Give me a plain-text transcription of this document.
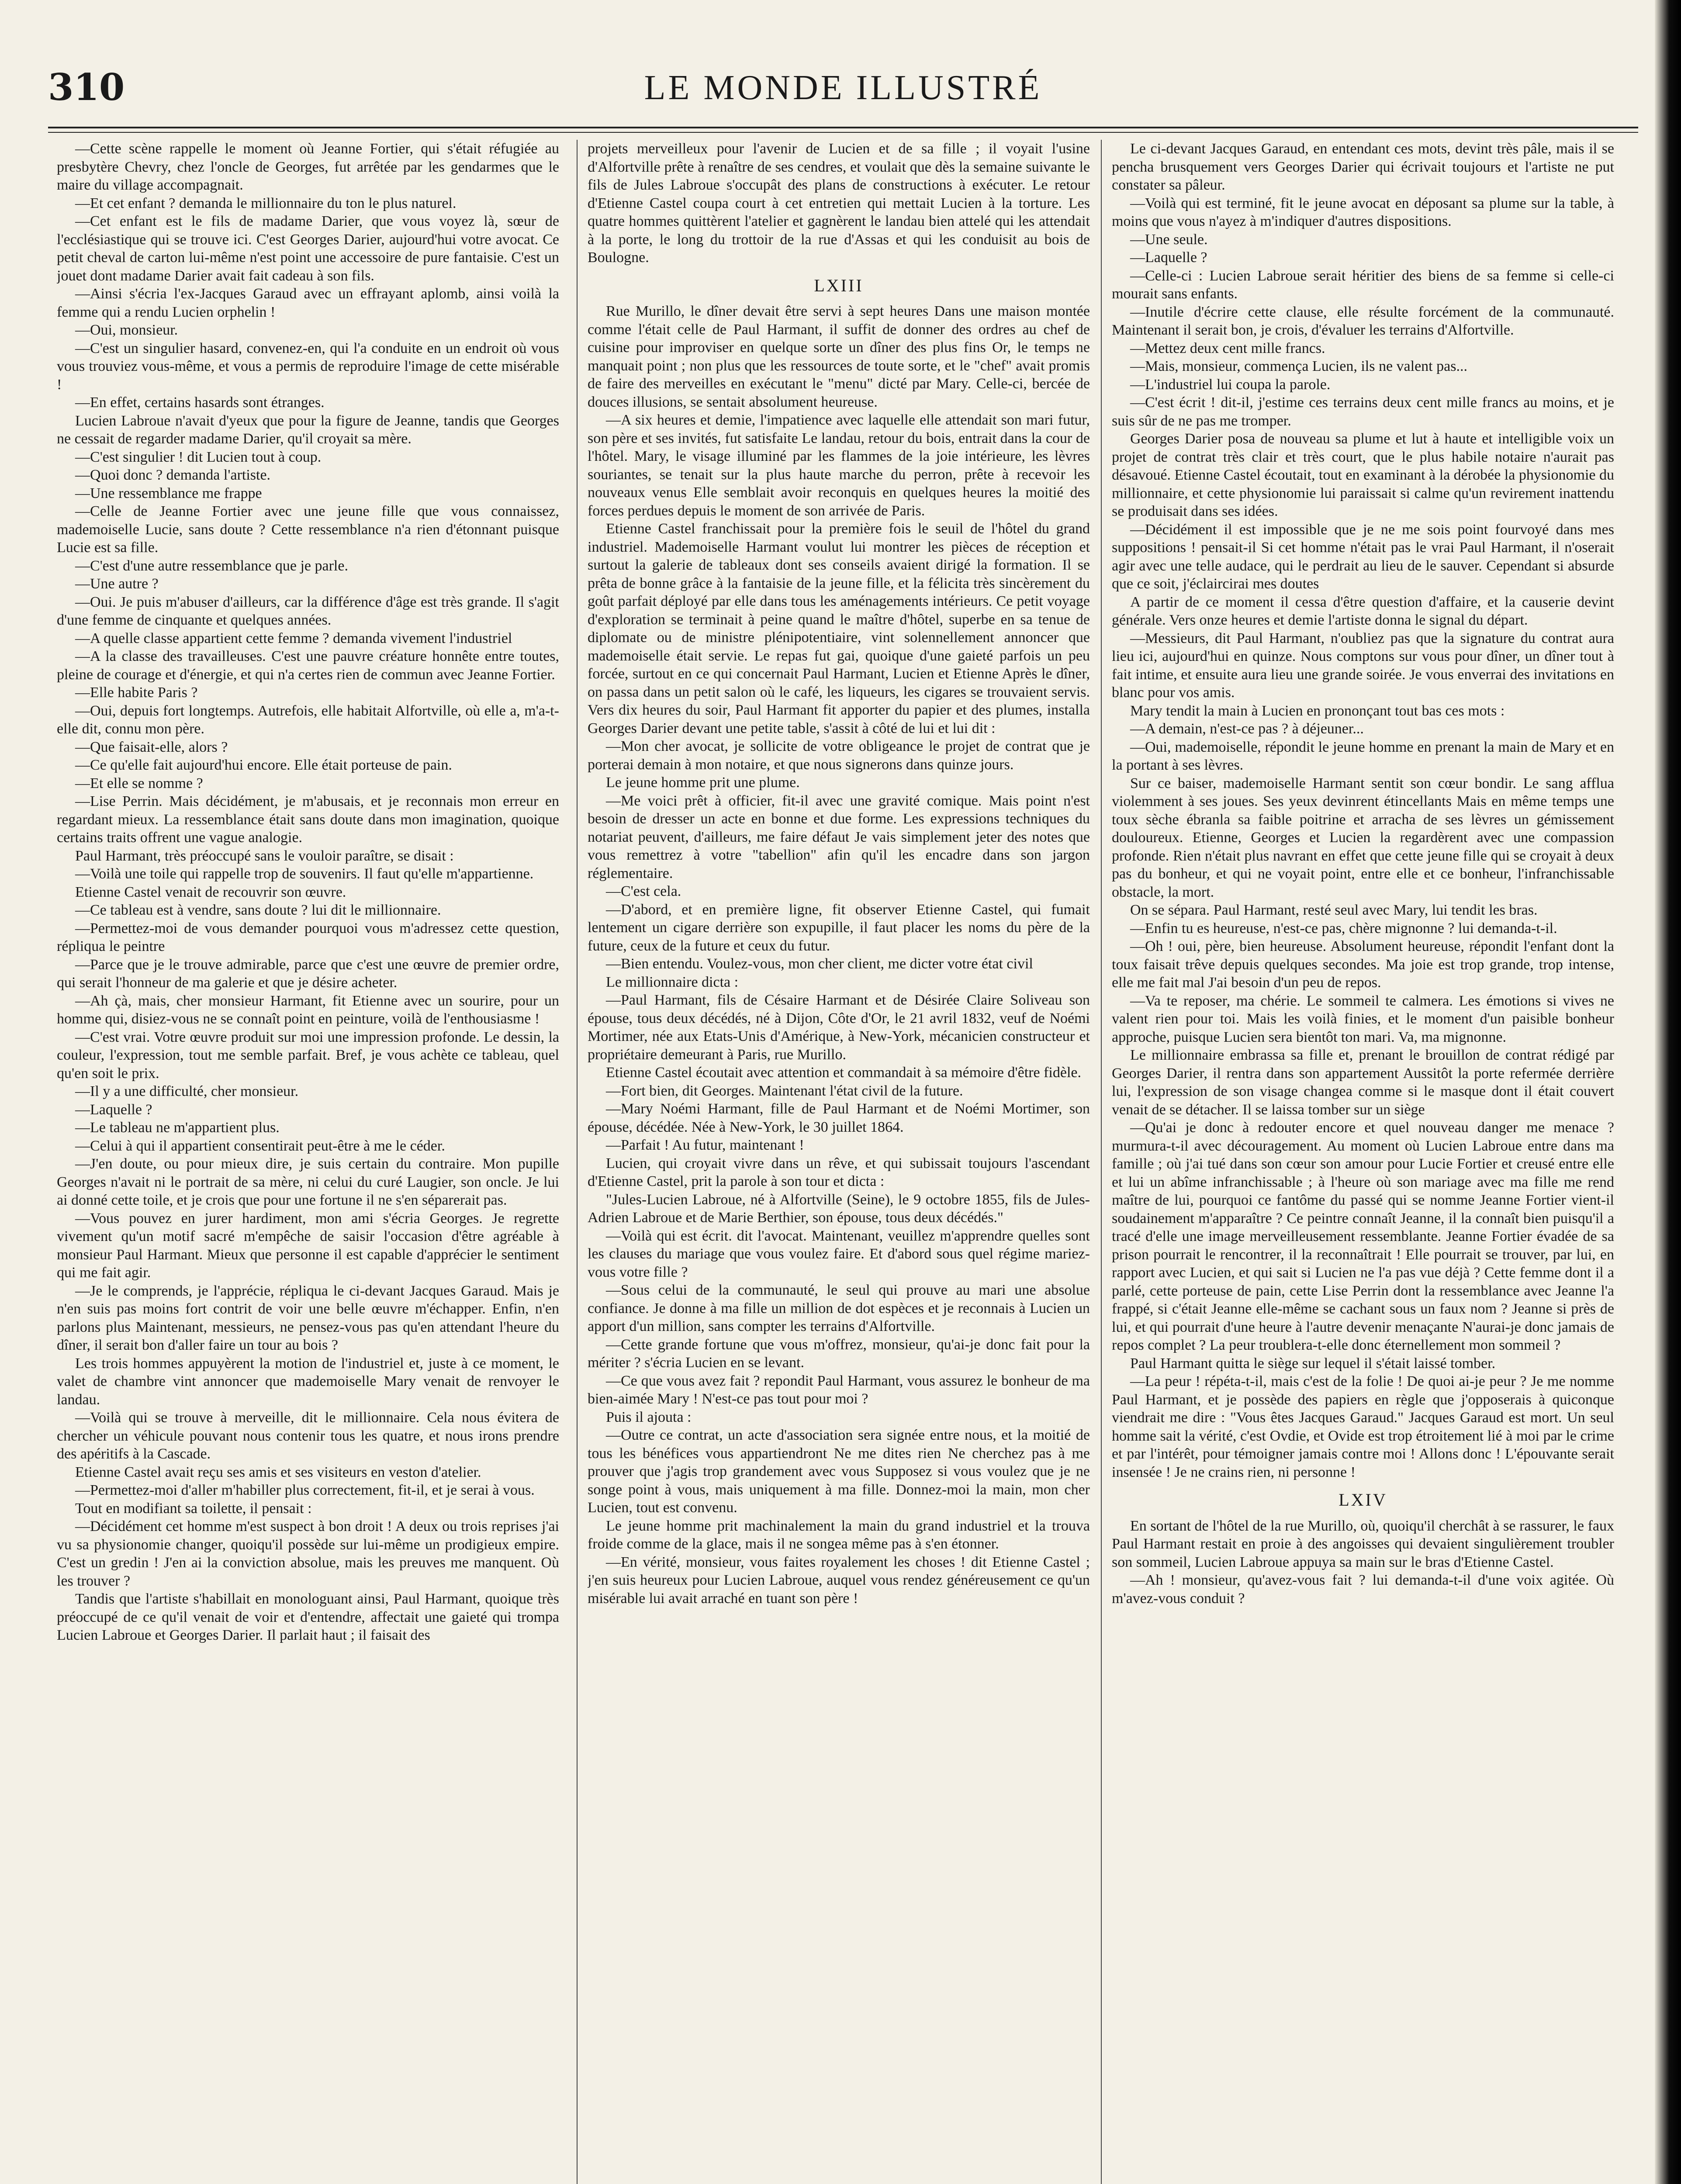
310	LE MONDE ILLUSTRÉ

—Cette scène rappelle le moment où Jeanne Fortier, qui s'était réfugiée au presbytère Chevry, chez l'oncle de Georges, fut arrêtée par les gendarmes que le maire du village accompagnait.

—Et cet enfant ? demanda le millionnaire du ton le plus naturel.

—Cet enfant est le fils de madame Darier, que vous voyez là, sœur de l'ecclésiastique qui se trouve ici. C'est Georges Darier, aujourd'hui votre avocat. Ce petit cheval de carton lui-même n'est point une accessoire de pure fantaisie. C'est un jouet dont madame Darier avait fait cadeau à son fils.

—Ainsi s'écria l'ex-Jacques Garaud avec un effrayant aplomb, ainsi voilà la femme qui a rendu Lucien orphelin !

—Oui, monsieur.

—C'est un singulier hasard, convenez-en, qui l'a conduite en un endroit où vous vous trouviez vous-même, et vous a permis de reproduire l'image de cette misérable !

—En effet, certains hasards sont étranges.

Lucien Labroue n'avait d'yeux que pour la figure de Jeanne, tandis que Georges ne cessait de regarder madame Darier, qu'il croyait sa mère.

—C'est singulier ! dit Lucien tout à coup.

—Quoi donc ? demanda l'artiste.

—Une ressemblance me frappe

—Celle de Jeanne Fortier avec une jeune fille que vous connaissez, mademoiselle Lucie, sans doute ? Cette ressemblance n'a rien d'étonnant puisque Lucie est sa fille.

—C'est d'une autre ressemblance que je parle.

—Une autre ?

—Oui. Je puis m'abuser d'ailleurs, car la différence d'âge est très grande. Il s'agit d'une femme de cinquante et quelques années.

—A quelle classe appartient cette femme ? demanda vivement l'industriel

—A la classe des travailleuses. C'est une pauvre créature honnête entre toutes, pleine de courage et d'énergie, et qui n'a certes rien de commun avec Jeanne Fortier.

—Elle habite Paris ?

—Oui, depuis fort longtemps. Autrefois, elle habitait Alfortville, où elle a, m'a-t-elle dit, connu mon père.

—Que faisait-elle, alors ?

—Ce qu'elle fait aujourd'hui encore. Elle était porteuse de pain.

—Et elle se nomme ?

—Lise Perrin. Mais décidément, je m'abusais, et je reconnais mon erreur en regardant mieux. La ressemblance était sans doute dans mon imagination, quoique certains traits offrent une vague analogie.

Paul Harmant, très préoccupé sans le vouloir paraître, se disait :

—Voilà une toile qui rappelle trop de souvenirs. Il faut qu'elle m'appartienne.

Etienne Castel venait de recouvrir son œuvre.

—Ce tableau est à vendre, sans doute ? lui dit le millionnaire.

—Permettez-moi de vous demander pourquoi vous m'adressez cette question, répliqua le peintre

—Parce que je le trouve admirable, parce que c'est une œuvre de premier ordre, qui serait l'honneur de ma galerie et que je désire acheter.

—Ah çà, mais, cher monsieur Harmant, fit Etienne avec un sourire, pour un homme qui, disiez-vous ne se connaît point en peinture, voilà de l'enthousiasme !

—C'est vrai. Votre œuvre produit sur moi une impression profonde. Le dessin, la couleur, l'expression, tout me semble parfait. Bref, je vous achète ce tableau, quel qu'en soit le prix.

—Il y a une difficulté, cher monsieur.

—Laquelle ?

—Le tableau ne m'appartient plus.

—Celui à qui il appartient consentirait peut-être à me le céder.

—J'en doute, ou pour mieux dire, je suis certain du contraire. Mon pupille Georges n'avait ni le portrait de sa mère, ni celui du curé Laugier, son oncle. Je lui ai donné cette toile, et je crois que pour une fortune il ne s'en séparerait pas.

—Vous pouvez en jurer hardiment, mon ami s'écria Georges. Je regrette vivement qu'un motif sacré m'empêche de saisir l'occasion d'être agréable à monsieur Paul Harmant. Mieux que personne il est capable d'apprécier le sentiment qui me fait agir.

—Je le comprends, je l'apprécie, répliqua le ci-devant Jacques Garaud. Mais je n'en suis pas moins fort contrit de voir une belle œuvre m'échapper. Enfin, n'en parlons plus Maintenant, messieurs, ne pensez-vous pas qu'en attendant l'heure du dîner, il serait bon d'aller faire un tour au bois ?

Les trois hommes appuyèrent la motion de l'industriel et, juste à ce moment, le valet de chambre vint annoncer que mademoiselle Mary venait de renvoyer le landau.

—Voilà qui se trouve à merveille, dit le millionnaire. Cela nous évitera de chercher un véhicule pouvant nous contenir tous les quatre, et nous irons prendre des apéritifs à la Cascade.

Etienne Castel avait reçu ses amis et ses visiteurs en veston d'atelier.

—Permettez-moi d'aller m'habiller plus correctement, fit-il, et je serai à vous.

Tout en modifiant sa toilette, il pensait :

—Décidément cet homme m'est suspect à bon droit ! A deux ou trois reprises j'ai vu sa physionomie changer, quoiqu'il possède sur lui-même un prodigieux empire. C'est un gredin ! J'en ai la conviction absolue, mais les preuves me manquent. Où les trouver ?

Tandis que l'artiste s'habillait en monologuant ainsi, Paul Harmant, quoique très préoccupé de ce qu'il venait de voir et d'entendre, affectait une gaieté qui trompa Lucien Labroue et Georges Darier. Il parlait haut ; il faisait des

projets merveilleux pour l'avenir de Lucien et de sa fille ; il voyait l'usine d'Alfortville prête à renaître de ses cendres, et voulait que dès la semaine suivante le fils de Jules Labroue s'occupât des plans de constructions à exécuter. Le retour d'Etienne Castel coupa court à cet entretien qui mettait Lucien à la torture. Les quatre hommes quittèrent l'atelier et gagnèrent le landau bien attelé qui les attendait à la porte, le long du trottoir de la rue d'Assas et qui les conduisit au bois de Boulogne.

LXIII

Rue Murillo, le dîner devait être servi à sept heures Dans une maison montée comme l'était celle de Paul Harmant, il suffit de donner des ordres au chef de cuisine pour improviser en quelque sorte un dîner des plus fins Or, le temps ne manquait point ; non plus que les ressources de toute sorte, et le "chef" avait promis de faire des merveilles en exécutant le "menu" dicté par Mary. Celle-ci, bercée de douces illusions, se sentait absolument heureuse.

—A six heures et demie, l'impatience avec laquelle elle attendait son mari futur, son père et ses invités, fut satisfaite Le landau, retour du bois, entrait dans la cour de l'hôtel. Mary, le visage illuminé par les flammes de la joie intérieure, les lèvres souriantes, se tenait sur la plus haute marche du perron, prête à recevoir les nouveaux venus Elle semblait avoir reconquis en quelques heures la moitié des forces perdues depuis le moment de son arrivée de Paris.

Etienne Castel franchissait pour la première fois le seuil de l'hôtel du grand industriel. Mademoiselle Harmant voulut lui montrer les pièces de réception et surtout la galerie de tableaux dont ses conseils avaient dirigé la formation. Il se prêta de bonne grâce à la fantaisie de la jeune fille, et la félicita très sincèrement du goût parfait déployé par elle dans tous les aménagements intérieurs. Ce petit voyage d'exploration se terminait à peine quand le maître d'hôtel, superbe en sa tenue de diplomate ou de ministre plénipotentiaire, vint solennellement annoncer que mademoiselle était servie. Le repas fut gai, quoique d'une gaieté parfois un peu forcée, surtout en ce qui concernait Paul Harmant, Lucien et Etienne Après le dîner, on passa dans un petit salon où le café, les liqueurs, les cigares se trouvaient servis. Vers dix heures du soir, Paul Harmant fit apporter du papier et des plumes, installa Georges Darier devant une petite table, s'assit à côté de lui et lui dit :

—Mon cher avocat, je sollicite de votre obligeance le projet de contrat que je porterai demain à mon notaire, et que nous signerons dans quinze jours.

Le jeune homme prit une plume.

—Me voici prêt à officier, fit-il avec une gravité comique. Mais point n'est besoin de dresser un acte en bonne et due forme. Les expressions techniques du notariat peuvent, d'ailleurs, me faire défaut Je vais simplement jeter des notes que vous remettrez à votre "tabellion" afin qu'il les encadre dans son jargon réglementaire.

—C'est cela.

—D'abord, et en première ligne, fit observer Etienne Castel, qui fumait lentement un cigare derrière son expupille, il faut placer les noms du père de la future, ceux de la future et ceux du futur.

—Bien entendu. Voulez-vous, mon cher client, me dicter votre état civil

Le millionnaire dicta :

—Paul Harmant, fils de Césaire Harmant et de Désirée Claire Soliveau son épouse, tous deux décédés, né à Dijon, Côte d'Or, le 21 avril 1832, veuf de Noémi Mortimer, née aux Etats-Unis d'Amérique, à New-York, mécanicien constructeur et propriétaire demeurant à Paris, rue Murillo.

Etienne Castel écoutait avec attention et commandait à sa mémoire d'être fidèle.

—Fort bien, dit Georges. Maintenant l'état civil de la future.

—Mary Noémi Harmant, fille de Paul Harmant et de Noémi Mortimer, son épouse, décédée. Née à New-York, le 30 juillet 1864.

—Parfait ! Au futur, maintenant !

Lucien, qui croyait vivre dans un rêve, et qui subissait toujours l'ascendant d'Etienne Castel, prit la parole à son tour et dicta :

"Jules-Lucien Labroue, né à Alfortville (Seine), le 9 octobre 1855, fils de Jules-Adrien Labroue et de Marie Berthier, son épouse, tous deux décédés."

—Voilà qui est écrit. dit l'avocat. Maintenant, veuillez m'apprendre quelles sont les clauses du mariage que vous voulez faire. Et d'abord sous quel régime mariez-vous votre fille ?

—Sous celui de la communauté, le seul qui prouve au mari une absolue confiance. Je donne à ma fille un million de dot espèces et je reconnais à Lucien un apport d'un million, sans compter les terrains d'Alfortville.

—Cette grande fortune que vous m'offrez, monsieur, qu'ai-je donc fait pour la mériter ? s'écria Lucien en se levant.

—Ce que vous avez fait ? repondit Paul Harmant, vous assurez le bonheur de ma bien-aimée Mary ! N'est-ce pas tout pour moi ?

Puis il ajouta :

—Outre ce contrat, un acte d'association sera signée entre nous, et la moitié de tous les bénéfices vous appartiendront Ne me dites rien Ne cherchez pas à me prouver que j'agis trop grandement avec vous Supposez si vous voulez que je ne songe point à vous, mais uniquement à ma fille. Donnez-moi la main, mon cher Lucien, tout est convenu.

Le jeune homme prit machinalement la main du grand industriel et la trouva froide comme de la glace, mais il ne songea même pas à s'en étonner.

—En vérité, monsieur, vous faites royalement les choses ! dit Etienne Castel ; j'en suis heureux pour Lucien Labroue, auquel vous rendez généreusement ce qu'un misérable lui avait arraché en tuant son père !

Le ci-devant Jacques Garaud, en entendant ces mots, devint très pâle, mais il se pencha brusquement vers Georges Darier qui écrivait toujours et l'artiste ne put constater sa pâleur.

—Voilà qui est terminé, fit le jeune avocat en déposant sa plume sur la table, à moins que vous n'ayez à m'indiquer d'autres dispositions.

—Une seule.

—Laquelle ?

—Celle-ci : Lucien Labroue serait héritier des biens de sa femme si celle-ci mourait sans enfants.

—Inutile d'écrire cette clause, elle résulte forcément de la communauté. Maintenant il serait bon, je crois, d'évaluer les terrains d'Alfortville.

—Mettez deux cent mille francs.

—Mais, monsieur, commença Lucien, ils ne valent pas...

—L'industriel lui coupa la parole.

—C'est écrit ! dit-il, j'estime ces terrains deux cent mille francs au moins, et je suis sûr de ne pas me tromper.

Georges Darier posa de nouveau sa plume et lut à haute et intelligible voix un projet de contrat très clair et très court, que le plus habile notaire n'aurait pas désavoué. Etienne Castel écoutait, tout en examinant à la dérobée la physionomie du millionnaire, et cette physionomie lui paraissait si calme qu'un revirement inattendu se produisait dans ses idées.

—Décidément il est impossible que je ne me sois point fourvoyé dans mes suppositions ! pensait-il Si cet homme n'était pas le vrai Paul Harmant, il n'oserait agir avec une telle audace, qui le perdrait au lieu de le sauver. Cependant si absurde que ce soit, j'éclaircirai mes doutes

A partir de ce moment il cessa d'être question d'affaire, et la causerie devint générale. Vers onze heures et demie l'artiste donna le signal du départ.

—Messieurs, dit Paul Harmant, n'oubliez pas que la signature du contrat aura lieu ici, aujourd'hui en quinze. Nous comptons sur vous pour dîner, un dîner tout à fait intime, et ensuite aura lieu une grande soirée. Je vous enverrai des invitations en blanc pour vos amis.

Mary tendit la main à Lucien en prononçant tout bas ces mots :

—A demain, n'est-ce pas ? à déjeuner...

—Oui, mademoiselle, répondit le jeune homme en prenant la main de Mary et en la portant à ses lèvres.

Sur ce baiser, mademoiselle Harmant sentit son cœur bondir. Le sang afflua violemment à ses joues. Ses yeux devinrent étincellants Mais en même temps une toux sèche ébranla sa faible poitrine et arracha de ses lèvres un gémissement douloureux. Etienne, Georges et Lucien la regardèrent avec une compassion profonde. Rien n'était plus navrant en effet que cette jeune fille qui se croyait à deux pas du bonheur, et qui ne voyait point, entre elle et ce bonheur, l'infranchissable obstacle, la mort.

On se sépara. Paul Harmant, resté seul avec Mary, lui tendit les bras.

—Enfin tu es heureuse, n'est-ce pas, chère mignonne ? lui demanda-t-il.

—Oh ! oui, père, bien heureuse. Absolument heureuse, répondit l'enfant dont la toux faisait trêve depuis quelques secondes. Ma joie est trop grande, trop intense, elle me fait mal J'ai besoin d'un peu de repos.

—Va te reposer, ma chérie. Le sommeil te calmera. Les émotions si vives ne valent rien pour toi. Mais les voilà finies, et le moment d'un paisible bonheur approche, puisque Lucien sera bientôt ton mari. Va, ma mignonne.

Le millionnaire embrassa sa fille et, prenant le brouillon de contrat rédigé par Georges Darier, il rentra dans son appartement Aussitôt la porte refermée derrière lui, l'expression de son visage changea comme si le masque dont il était couvert venait de se détacher. Il se laissa tomber sur un siège

—Qu'ai je donc à redouter encore et quel nouveau danger me menace ? murmura-t-il avec découragement. Au moment où Lucien Labroue entre dans ma famille ; où j'ai tué dans son cœur son amour pour Lucie Fortier et creusé entre elle et lui un abîme infranchissable ; à l'heure où son mariage avec ma fille me rend maître de lui, pourquoi ce fantôme du passé qui se nomme Jeanne Fortier vient-il soudainement m'apparaître ? Ce peintre connaît Jeanne, il la connaît bien puisqu'il a tracé d'elle une image merveilleusement ressemblante. Jeanne Fortier évadée de sa prison pourrait le rencontrer, il la reconnaîtrait ! Elle pourrait se trouver, par lui, en rapport avec Lucien, et qui sait si Lucien ne l'a pas vue déjà ? Cette femme dont il a parlé, cette porteuse de pain, cette Lise Perrin dont la ressemblance avec Jeanne l'a frappé, si c'était Jeanne elle-même se cachant sous un faux nom ? Jeanne si près de lui, et qui pourrait d'une heure à l'autre devenir menaçante N'aurai-je donc jamais de repos complet ? La peur troublera-t-elle donc éternellement mon sommeil ?

Paul Harmant quitta le siège sur lequel il s'était laissé tomber.

—La peur ! répéta-t-il, mais c'est de la folie ! De quoi ai-je peur ? Je me nomme Paul Harmant, et je possède des papiers en règle que j'opposerais à quiconque viendrait me dire : "Vous êtes Jacques Garaud." Jacques Garaud est mort. Un seul homme sait la vérité, c'est Ovdie, et Ovide est trop étroitement lié à moi par le crime et par l'intérêt, pour témoigner jamais contre moi ! Allons donc ! L'épouvante serait insensée ! Je ne crains rien, ni personne !

LXIV

En sortant de l'hôtel de la rue Murillo, où, quoiqu'il cherchât à se rassurer, le faux Paul Harmant restait en proie à des angoisses qui devaient singulièrement troubler son sommeil, Lucien Labroue appuya sa main sur le bras d'Etienne Castel.

—Ah ! monsieur, qu'avez-vous fait ? lui demanda-t-il d'une voix agitée. Où m'avez-vous conduit ?
